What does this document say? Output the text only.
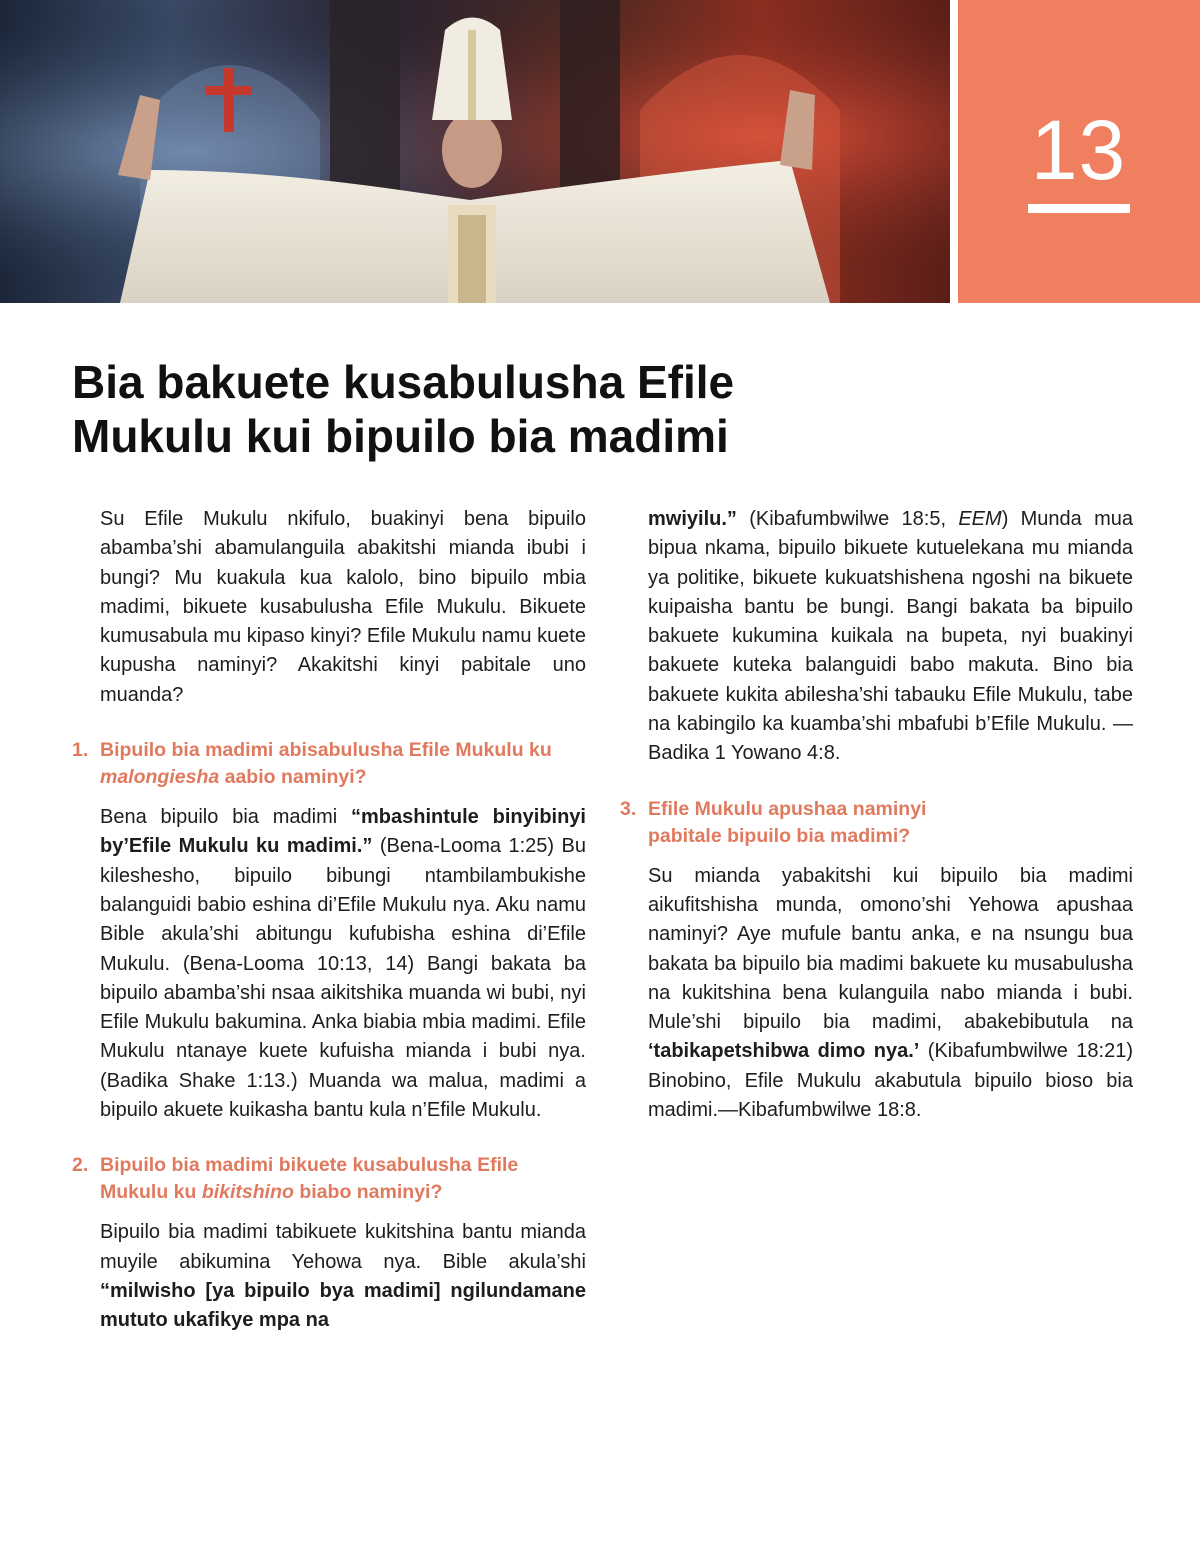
13
Bia bakuete kusabulusha Efile
Mukulu kui bipuilo bia madimi

Su Efile Mukulu nkifulo, buakinyi bena bipuilo abamba’shi abamulanguila abakitshi mianda ibubi i bungi? Mu kuakula kua kalolo, bino bipuilo mbia madimi, bikuete kusabulusha Efile Mukulu. Bikuete kumusabula mu kipaso kinyi? Efile Mukulu namu kuete kupusha naminyi? Akakitshi kinyi pabitale uno muanda?

1. Bipuilo bia madimi abisabulusha Efile Mukulu ku malongiesha aabio naminyi?

Bena bipuilo bia madimi “mbashintule binyibinyi by’Efile Mukulu ku madimi.” (Bena-Looma 1:25) Bu kileshesho, bipuilo bibungi ntambilambukishe balanguidi babio eshina di’Efile Mukulu nya. Aku namu Bible akula’shi abitungu kufubisha eshina di’Efile Mukulu. (Bena-Looma 10:13, 14) Bangi bakata ba bipuilo abamba’shi nsaa aikitshika muanda wi bubi, nyi Efile Mukulu bakumina. Anka biabia mbia madimi. Efile Mukulu ntanaye kuete kufuisha mianda i bubi nya. (Badika Shake 1:13.) Muanda wa malua, madimi a bipuilo akuete kuikasha bantu kula n’Efile Mukulu.

2. Bipuilo bia madimi bikuete kusabulusha Efile Mukulu ku bikitshino biabo naminyi?

Bipuilo bia madimi tabikuete kukitshina bantu mianda muyile abikumina Yehowa nya. Bible akula’shi “milwisho [ya bipuilo bya madimi] ngilundamane mututo ukafikye mpa na

mwiyilu.” (Kibafumbwilwe 18:5, EEM) Munda mua bipua nkama, bipuilo bikuete kutuelekana mu mianda ya politike, bikuete kukuatshishena ngoshi na bikuete kuipaisha bantu be bungi. Bangi bakata ba bipuilo bakuete kukumina kuikala na bupeta, nyi buakinyi bakuete kuteka balanguidi babo makuta. Bino bia bakuete kukita abilesha’shi tabauku Efile Mukulu, tabe na kabingilo ka kuamba’shi mbafubi b’Efile Mukulu. —Badika 1 Yowano 4:8.

3. Efile Mukulu apushaa naminyi
pabitale bipuilo bia madimi?

Su mianda yabakitshi kui bipuilo bia madimi aikufitshisha munda, omono’shi Yehowa apushaa naminyi? Aye mufule bantu anka, e na nsungu bua bakata ba bipuilo bia madimi bakuete ku musabulusha na kukitshina bena kulanguila nabo mianda i bubi. Mule’shi bipuilo bia madimi, abakebibutula na ‘tabikapetshibwa dimo nya.’ (Kibafumbwilwe 18:21) Binobino, Efile Mukulu akabutula bipuilo bioso bia madimi.—Kibafumbwilwe 18:8.
